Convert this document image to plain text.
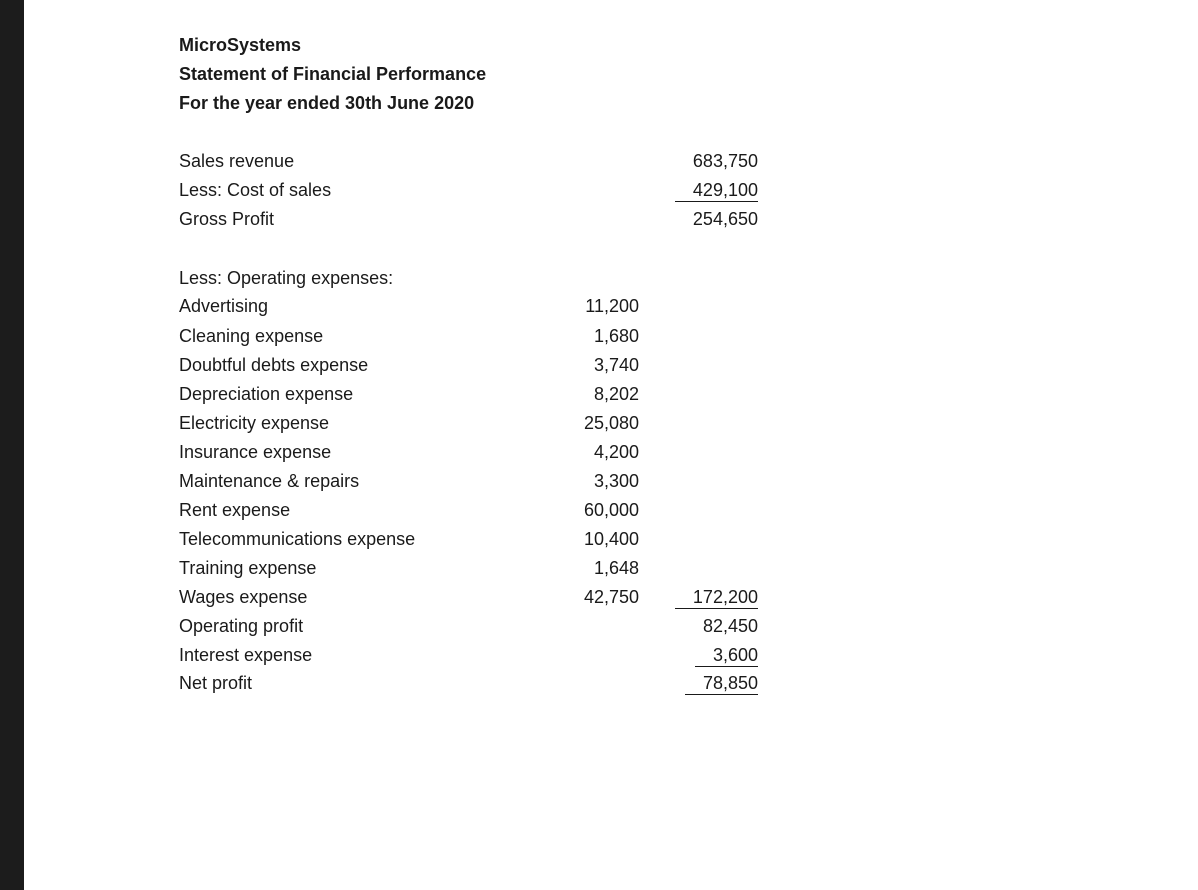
MicroSystems
Statement of Financial Performance
For the year ended 30th June 2020
Sales revenue	683,750
Less: Cost of sales	429,100
Gross Profit	254,650
Less: Operating expenses:
Advertising	11,200
Cleaning expense	1,680
Doubtful debts expense	3,740
Depreciation expense	8,202
Electricity expense	25,080
Insurance expense	4,200
Maintenance & repairs	3,300
Rent expense	60,000
Telecommunications expense	10,400
Training expense	1,648
Wages expense	42,750	172,200
Operating profit	82,450
Interest expense	3,600
Net profit	78,850
